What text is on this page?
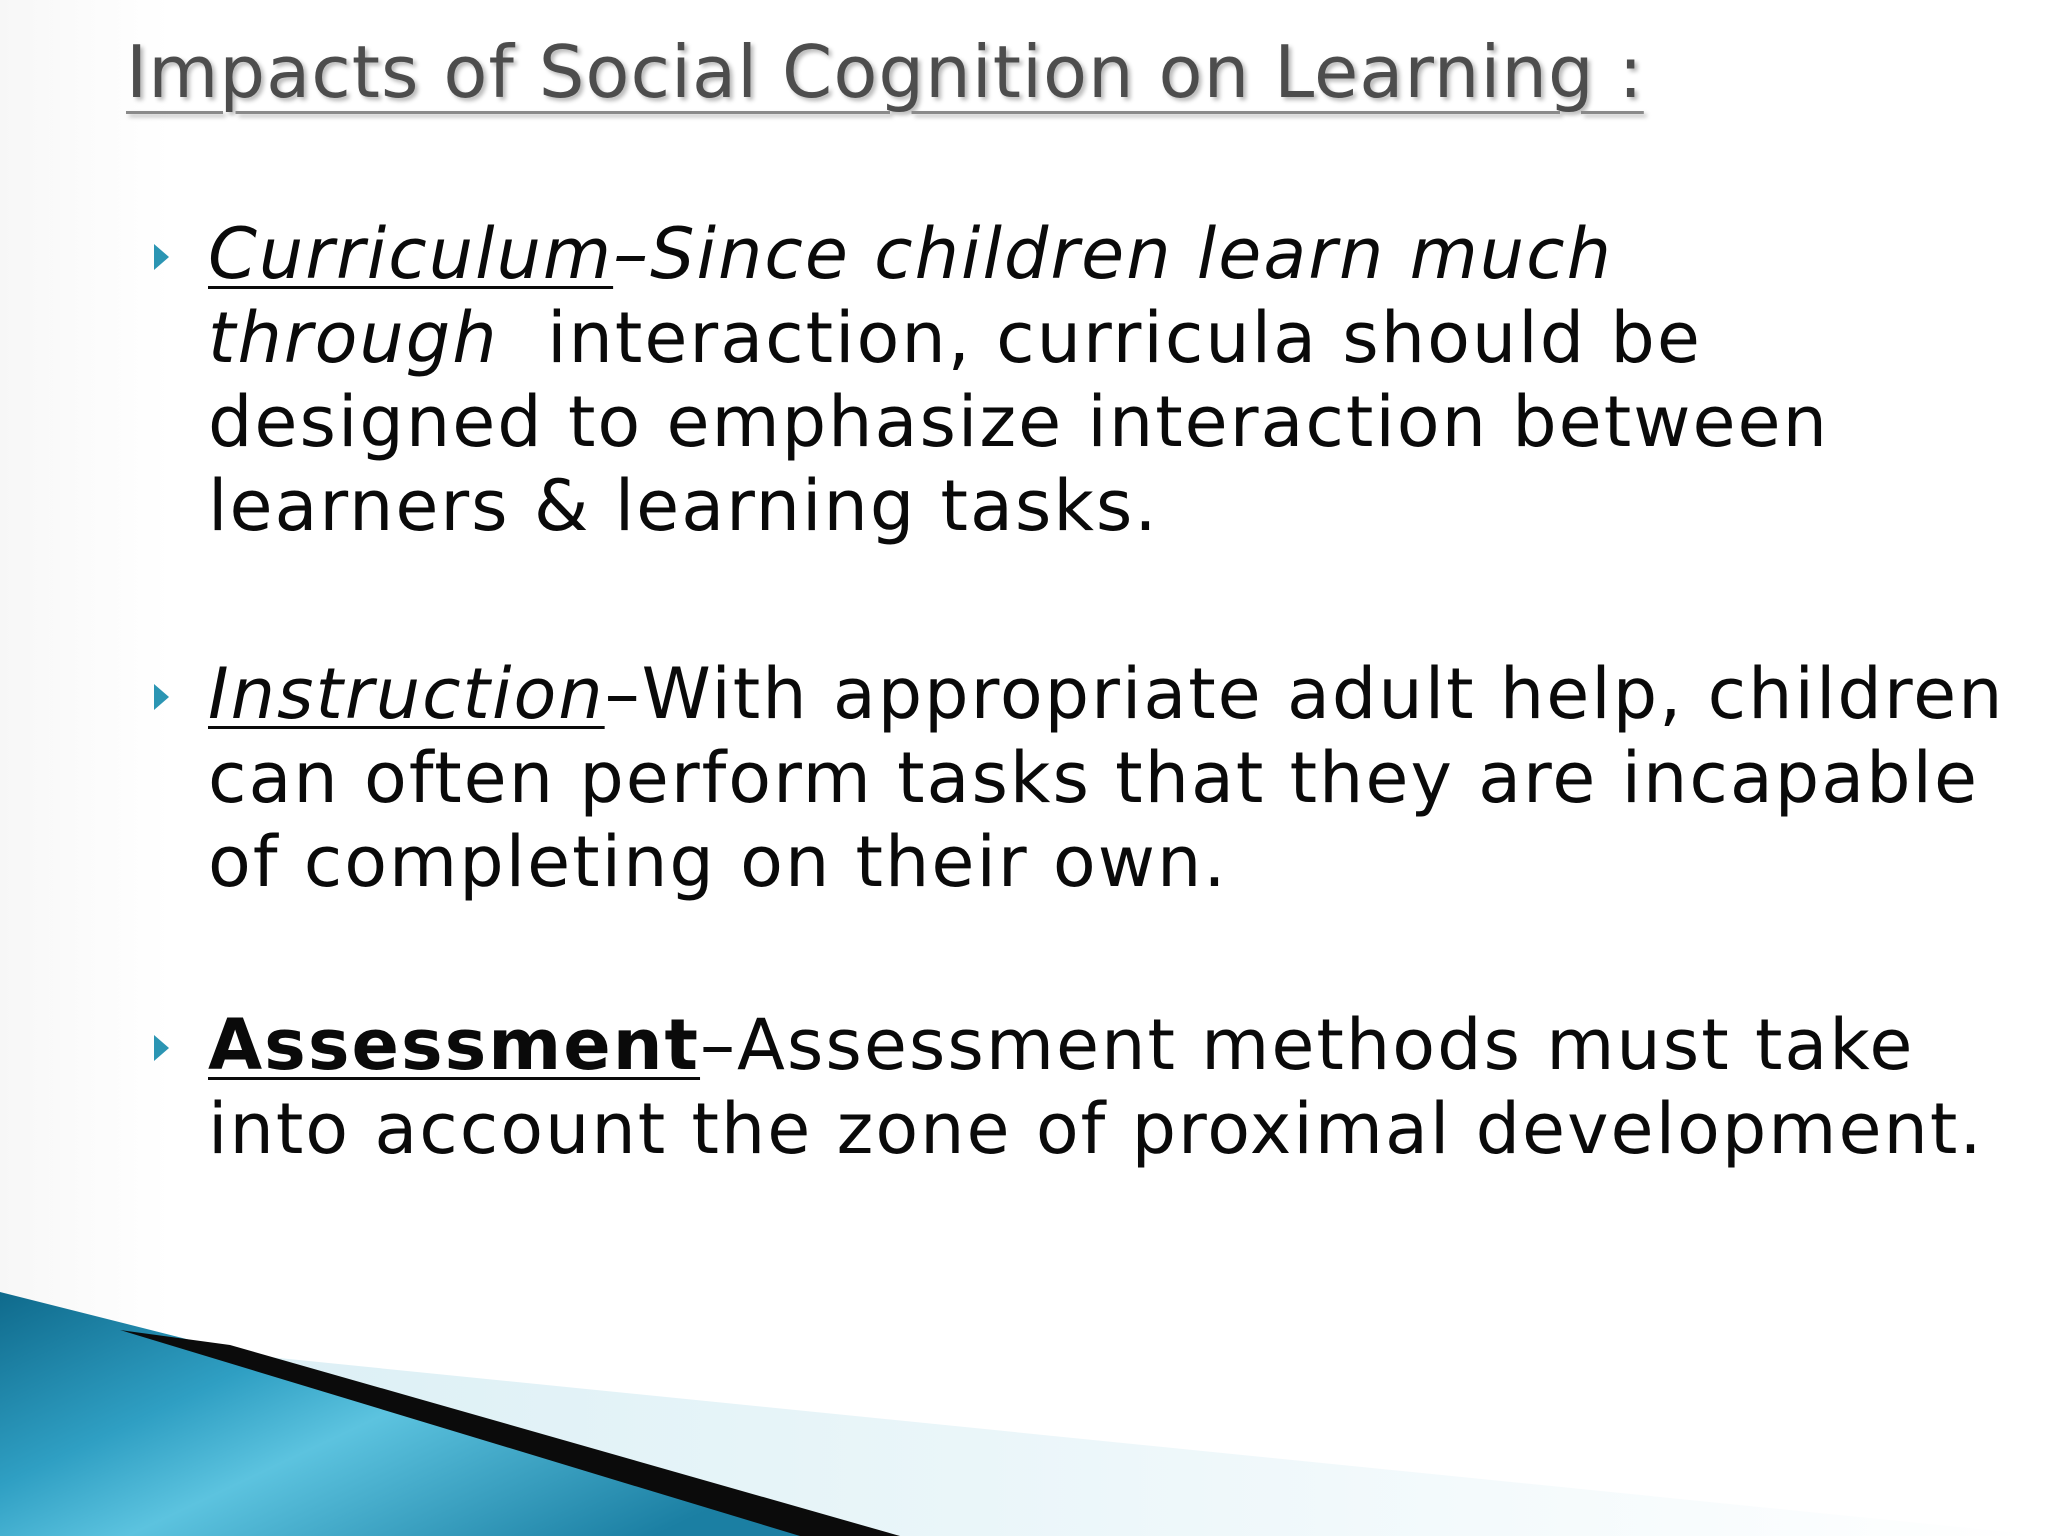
Impacts of Social Cognition on Learning :

Curriculum–Since children learn much
through interaction, curricula should be designed to emphasize interaction between learners & learning tasks.

Instruction–With appropriate adult help, children can often perform tasks that they are incapable of completing on their own.

Assessment–Assessment methods must take into account the zone of proximal development.
